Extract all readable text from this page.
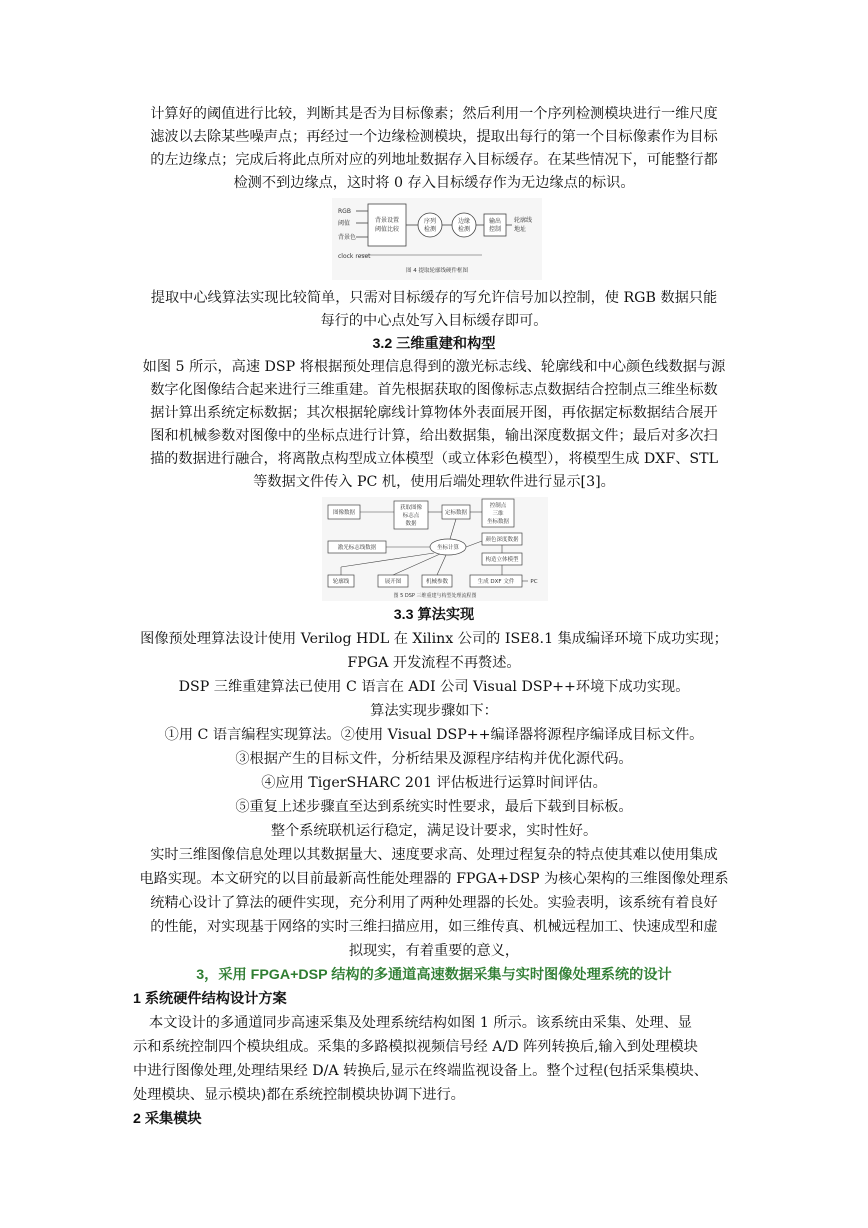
计算好的阈值进行比较，判断其是否为目标像素；然后利用一个序列检测模块进行一维尺度
滤波以去除某些噪声点；再经过一个边缘检测模块，提取出每行的第一个目标像素作为目标
的左边缘点；完成后将此点所对应的列地址数据存入目标缓存。在某些情况下，可能整行都
检测不到边缘点，这时将 0 存入目标缓存作为无边缘点的标识。
RGB
阈值
背景色
背景设置
阈值比较
序列
检测
边缘
检测
输出
控制
轮廓线
地址
clock reset
图 4 提取轮廓线硬件框图
提取中心线算法实现比较简单，只需对目标缓存的写允许信号加以控制，使 RGB 数据只能
每行的中心点处写入目标缓存即可。
3.2 三维重建和构型
如图 5 所示，高速 DSP 将根据预处理信息得到的激光标志线、轮廓线和中心颜色线数据与源
数字化图像结合起来进行三维重建。首先根据获取的图像标志点数据结合控制点三维坐标数
据计算出系统定标数据；其次根据轮廓线计算物体外表面展开图，再依据定标数据结合展开
图和机械参数对图像中的坐标点进行计算，给出数据集，输出深度数据文件；最后对多次扫
描的数据进行融合，将离散点构型成立体模型（或立体彩色模型），将模型生成 DXF、STL
等数据文件传入 PC 机，使用后端处理软件进行显示[3]。
图像数据
获取图像
标志点
数据
定标数据
控制点
三维
坐标数据
激光标志线数据
颜色深度数据
构造立体模型
轮廓线	展开图	机械参数	生成 DXF 文件
坐标计算
PC
图 5 DSP 三维重建与构型处理流程图
3.3 算法实现
图像预处理算法设计使用 Verilog HDL 在 Xilinx 公司的 ISE8.1 集成编译环境下成功实现；
FPGA 开发流程不再赘述。
DSP 三维重建算法已使用 C 语言在 ADI 公司 Visual DSP++环境下成功实现。
算法实现步骤如下：
①用 C 语言编程实现算法。②使用 Visual DSP++编译器将源程序编译成目标文件。
③根据产生的目标文件，分析结果及源程序结构并优化源代码。
④应用 TigerSHARC 201 评估板进行运算时间评估。
⑤重复上述步骤直至达到系统实时性要求，最后下载到目标板。
整个系统联机运行稳定，满足设计要求，实时性好。
实时三维图像信息处理以其数据量大、速度要求高、处理过程复杂的特点使其难以使用集成
电路实现。本文研究的以目前最新高性能处理器的 FPGA+DSP 为核心架构的三维图像处理系
统精心设计了算法的硬件实现，充分利用了两种处理器的长处。实验表明，该系统有着良好
的性能，对实现基于网络的实时三维扫描应用，如三维传真、机械远程加工、快速成型和虚
拟现实，有着重要的意义，
3，采用 FPGA+DSP 结构的多通道高速数据采集与实时图像处理系统的设计
1 系统硬件结构设计方案
本文设计的多通道同步高速采集及处理系统结构如图 1 所示。该系统由采集、处理、显
示和系统控制四个模块组成。采集的多路模拟视频信号经 A/D 阵列转换后,输入到处理模块
中进行图像处理,处理结果经 D/A 转换后,显示在终端监视设备上。整个过程(包括采集模块、
处理模块、显示模块)都在系统控制模块协调下进行。
2 采集模块
